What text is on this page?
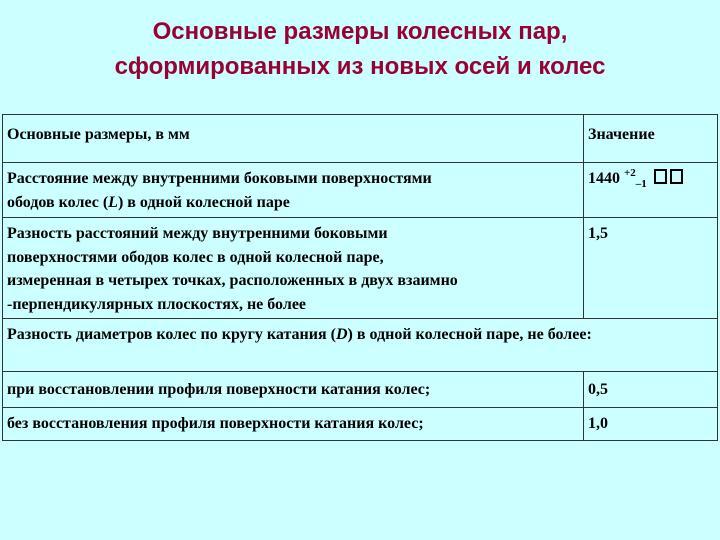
Основные размеры колесных пар,
сформированных из новых осей и колес
Основные размеры, в мм	Значение
Расстояние между внутренними боковыми поверхностями
ободов колес (L) в одной колесной паре	1440 $^{+2}_{-1}$
Разность расстояний между внутренними боковыми
поверхностями ободов колес в одной колесной паре,
измеренная в четырех точках, расположенных в двух взаимно
-перпендикулярных плоскостях, не более	1,5
Разность диаметров колес по кругу катания (D) в одной колесной паре, не более:	
при восстановлении профиля поверхности катания колес;	0,5
без восстановления профиля поверхности катания колес;	1,0
